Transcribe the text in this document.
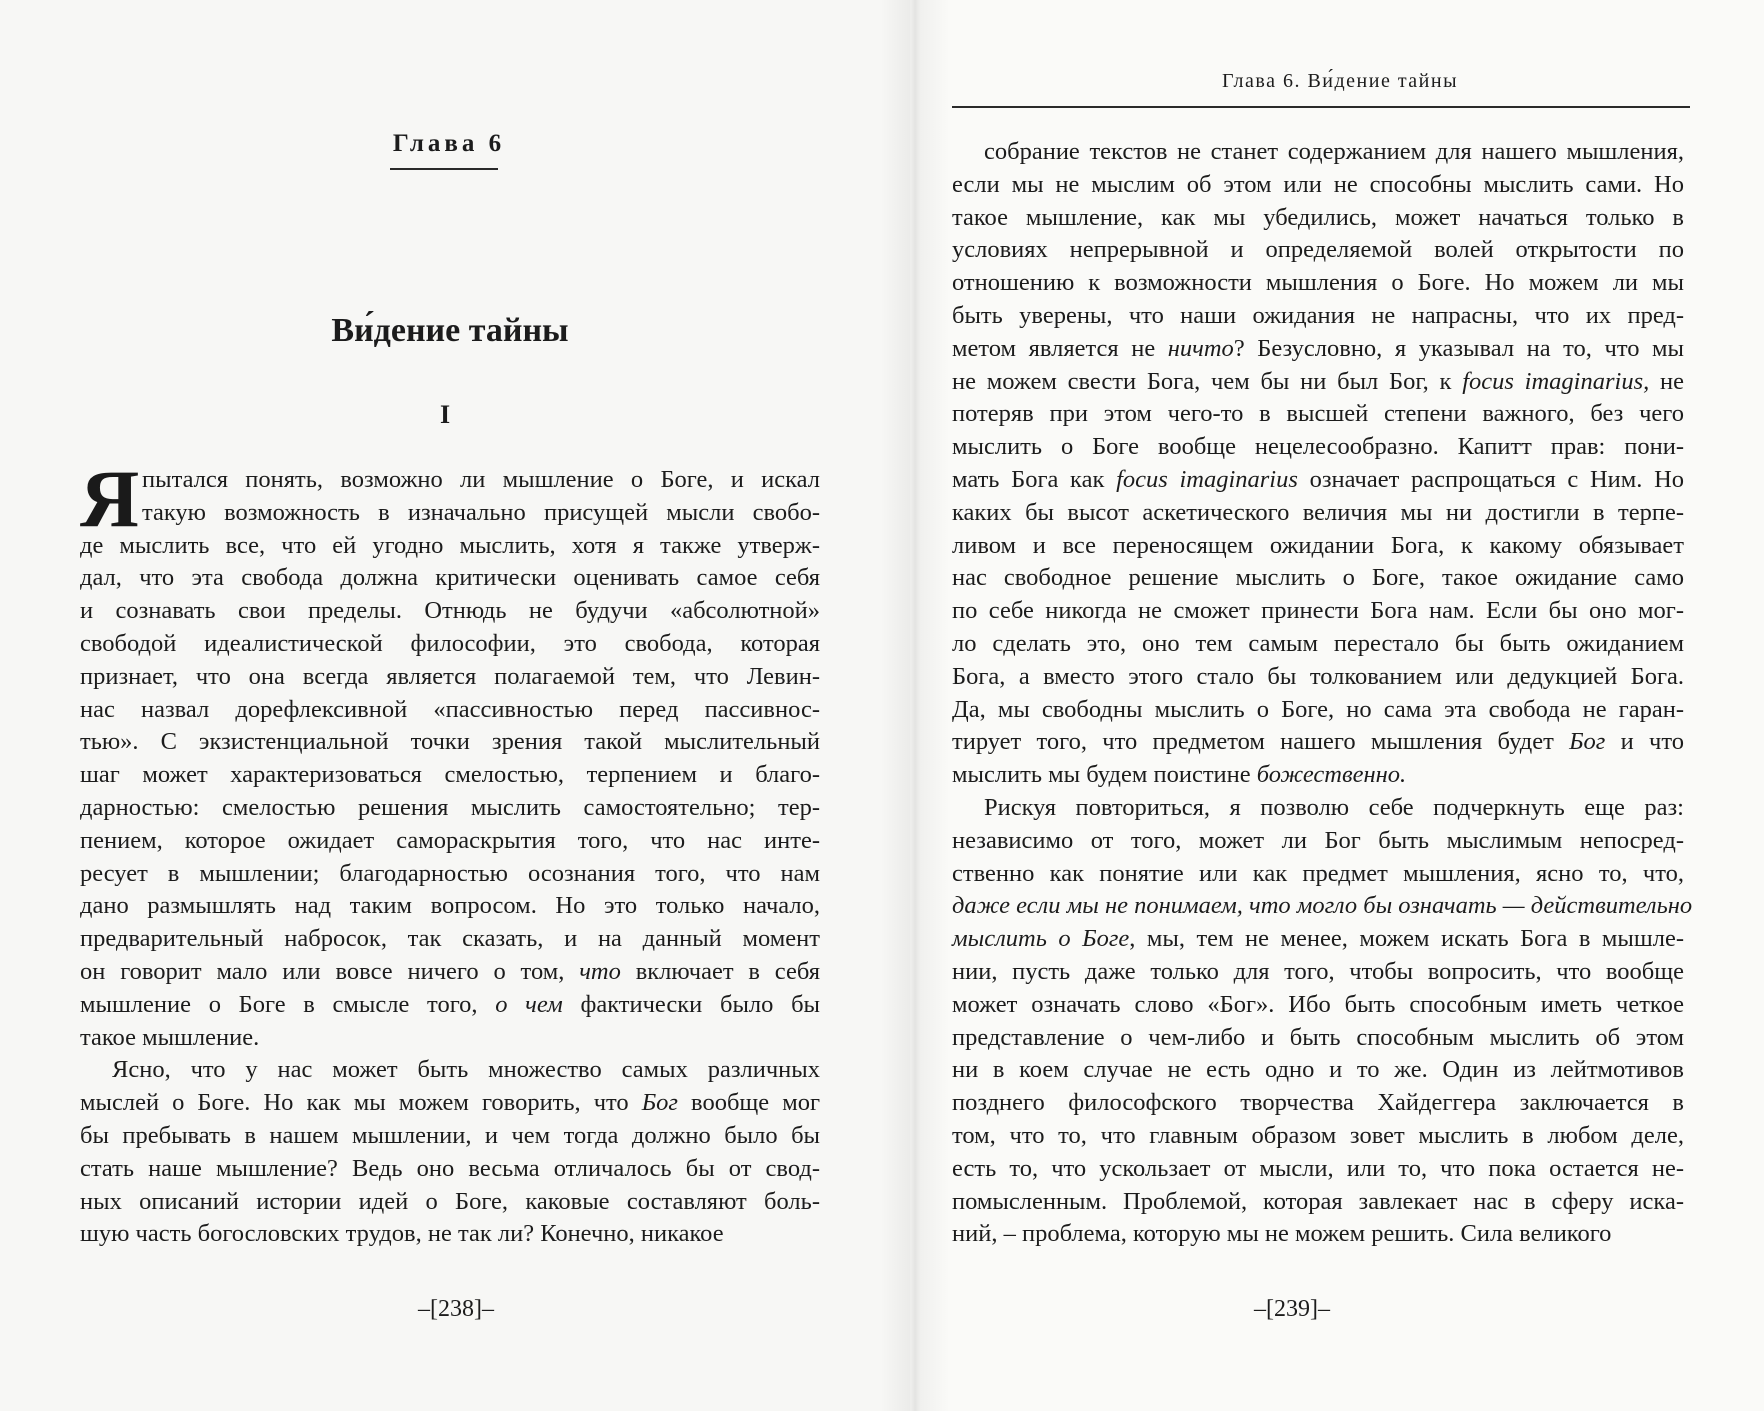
Глава 6
Ви́дение тайны
I
Я пытался понять, возможно ли мышление о Боге, и искал
такую возможность в изначально присущей мысли свобо-
де мыслить все, что ей угодно мыслить, хотя я также утверж-
дал, что эта свобода должна критически оценивать самое себя
и сознавать свои пределы. Отнюдь не будучи «абсолютной»
свободой идеалистической философии, это свобода, которая
признает, что она всегда является полагаемой тем, что Левин-
нас назвал дорефлексивной «пассивностью перед пассивнос-
тью». С экзистенциальной точки зрения такой мыслительный
шаг может характеризоваться смелостью, терпением и благо-
дарностью: смелостью решения мыслить самостоятельно; тер-
пением, которое ожидает самораскрытия того, что нас инте-
ресует в мышлении; благодарностью осознания того, что нам
дано размышлять над таким вопросом. Но это только начало,
предварительный набросок, так сказать, и на данный момент
он говорит мало или вовсе ничего о том, что включает в себя
мышление о Боге в смысле того, о чем фактически было бы
такое мышление.

Ясно, что у нас может быть множество самых различных
мыслей о Боге. Но как мы можем говорить, что Бог вообще мог
бы пребывать в нашем мышлении, и чем тогда должно было бы
стать наше мышление? Ведь оно весьма отличалось бы от свод-
ных описаний истории идей о Боге, каковые составляют боль-
шую часть богословских трудов, не так ли? Конечно, никакое

–[238]–
Глава 6. Ви́дение тайны

собрание текстов не станет содержанием для нашего мышления,
если мы не мыслим об этом или не способны мыслить сами. Но
такое мышление, как мы убедились, может начаться только в
условиях непрерывной и определяемой волей открытости по
отношению к возможности мышления о Боге. Но можем ли мы
быть уверены, что наши ожидания не напрасны, что их пред-
метом является не ничто? Безусловно, я указывал на то, что мы
не можем свести Бога, чем бы ни был Бог, к focus imaginarius, не
потеряв при этом чего-то в высшей степени важного, без чего
мыслить о Боге вообще нецелесообразно. Капитт прав: пони-
мать Бога как focus imaginarius означает распрощаться с Ним. Но
каких бы высот аскетического величия мы ни достигли в терпе-
ливом и все переносящем ожидании Бога, к какому обязывает
нас свободное решение мыслить о Боге, такое ожидание само
по себе никогда не сможет принести Бога нам. Если бы оно мог-
ло сделать это, оно тем самым перестало бы быть ожиданием
Бога, а вместо этого стало бы толкованием или дедукцией Бога.
Да, мы свободны мыслить о Боге, но сама эта свобода не гаран-
тирует того, что предметом нашего мышления будет Бог и что
мыслить мы будем поистине божественно.

Рискуя повториться, я позволю себе подчеркнуть еще раз:
независимо от того, может ли Бог быть мыслимым непосред-
ственно как понятие или как предмет мышления, ясно то, что,
даже если мы не понимаем, что могло бы означать — действительно
мыслить о Боге, мы, тем не менее, можем искать Бога в мышле-
нии, пусть даже только для того, чтобы вопросить, что вообще
может означать слово «Бог». Ибо быть способным иметь четкое
представление о чем-либо и быть способным мыслить об этом
ни в коем случае не есть одно и то же. Один из лейтмотивов
позднего философского творчества Хайдеггера заключается в
том, что то, что главным образом зовет мыслить в любом деле,
есть то, что ускользает от мысли, или то, что пока остается не-
помысленным. Проблемой, которая завлекает нас в сферу иска-
ний, – проблема, которую мы не можем решить. Сила великого

–[239]–
